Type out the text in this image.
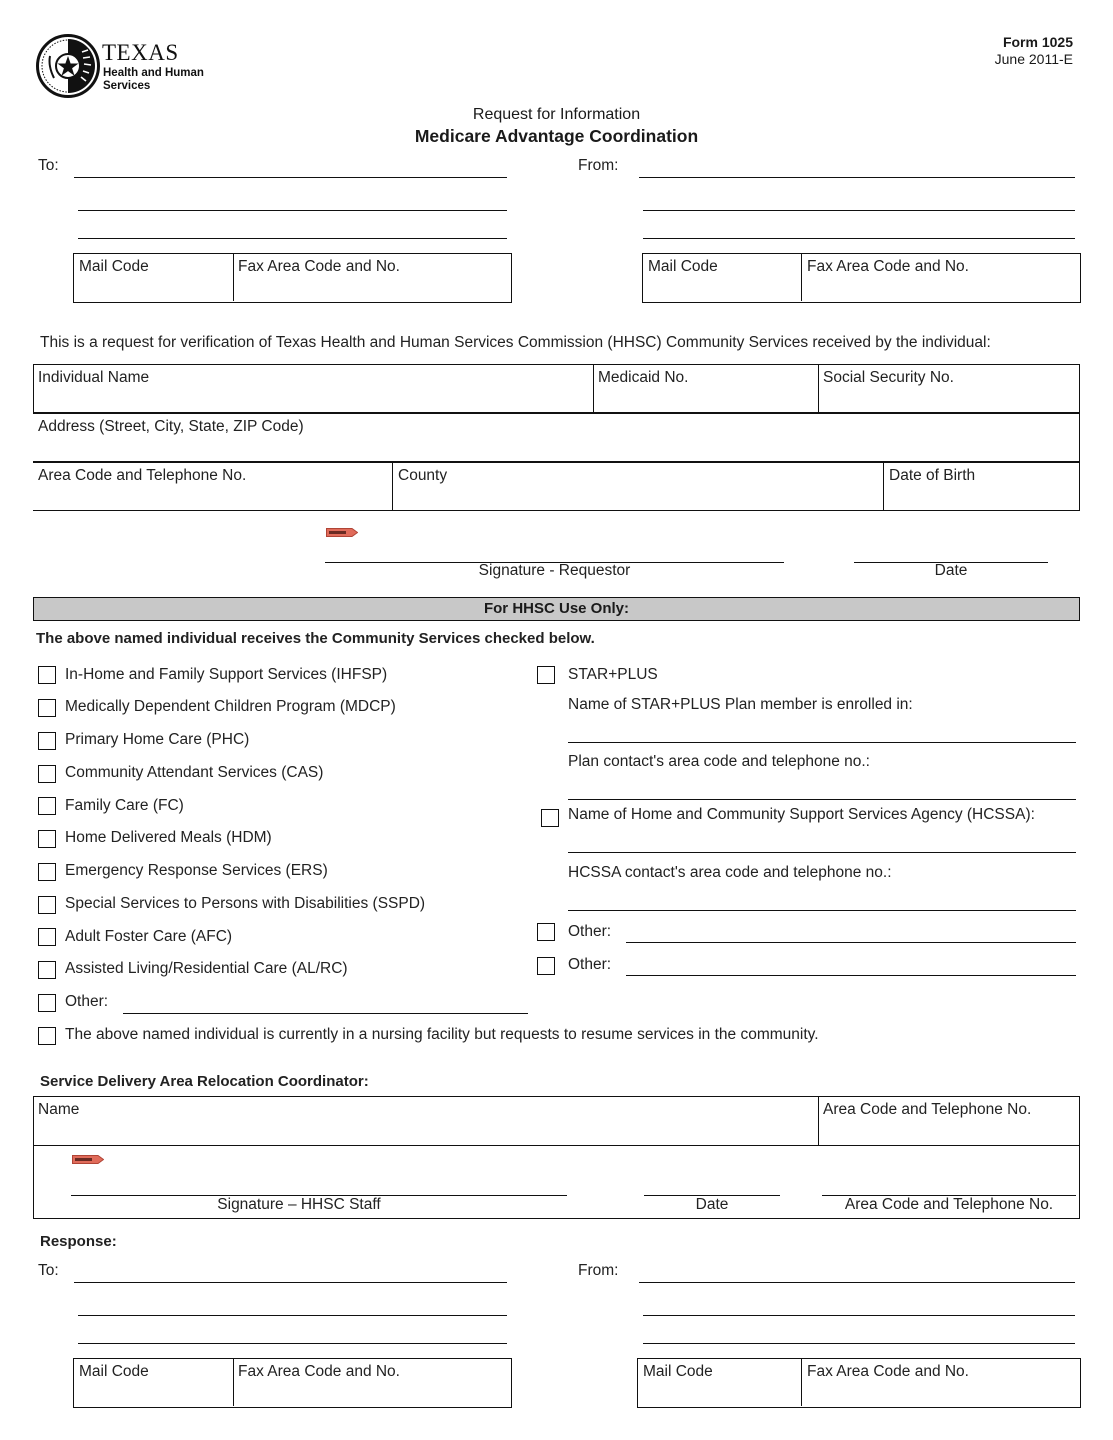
TEXAS
Health and Human
Services
Form 1025
June 2011-E
Request for Information
Medicare Advantage Coordination
To:
Mail Code	Fax Area Code and No.
From:
Mail Code	Fax Area Code and No.
This is a request for verification of Texas Health and Human Services Commission (HHSC) Community Services received by the individual:
Individual Name	Medicaid No.	Social Security No.
Address (Street, City, State, ZIP Code)
Area Code and Telephone No.	County	Date of Birth
Signature - Requestor	Date
For HHSC Use Only:
The above named individual receives the Community Services checked below.
In-Home and Family Support Services (IHFSP)
Medically Dependent Children Program (MDCP)
Primary Home Care (PHC)
Community Attendant Services (CAS)
Family Care (FC)
Home Delivered Meals (HDM)
Emergency Response Services (ERS)
Special Services to Persons with Disabilities (SSPD)
Adult Foster Care (AFC)
Assisted Living/Residential Care (AL/RC)
Other:
The above named individual is currently in a nursing facility but requests to resume services in the community.
STAR+PLUS
Name of STAR+PLUS Plan member is enrolled in:
Plan contact's area code and telephone no.:
Name of Home and Community Support Services Agency (HCSSA):
HCSSA contact's area code and telephone no.:
Other:
Other:
Service Delivery Area Relocation Coordinator:
Name	Area Code and Telephone No.
Signature – HHSC Staff	Date	Area Code and Telephone No.
Response:
To:
Mail Code	Fax Area Code and No.
From:
Mail Code	Fax Area Code and No.
